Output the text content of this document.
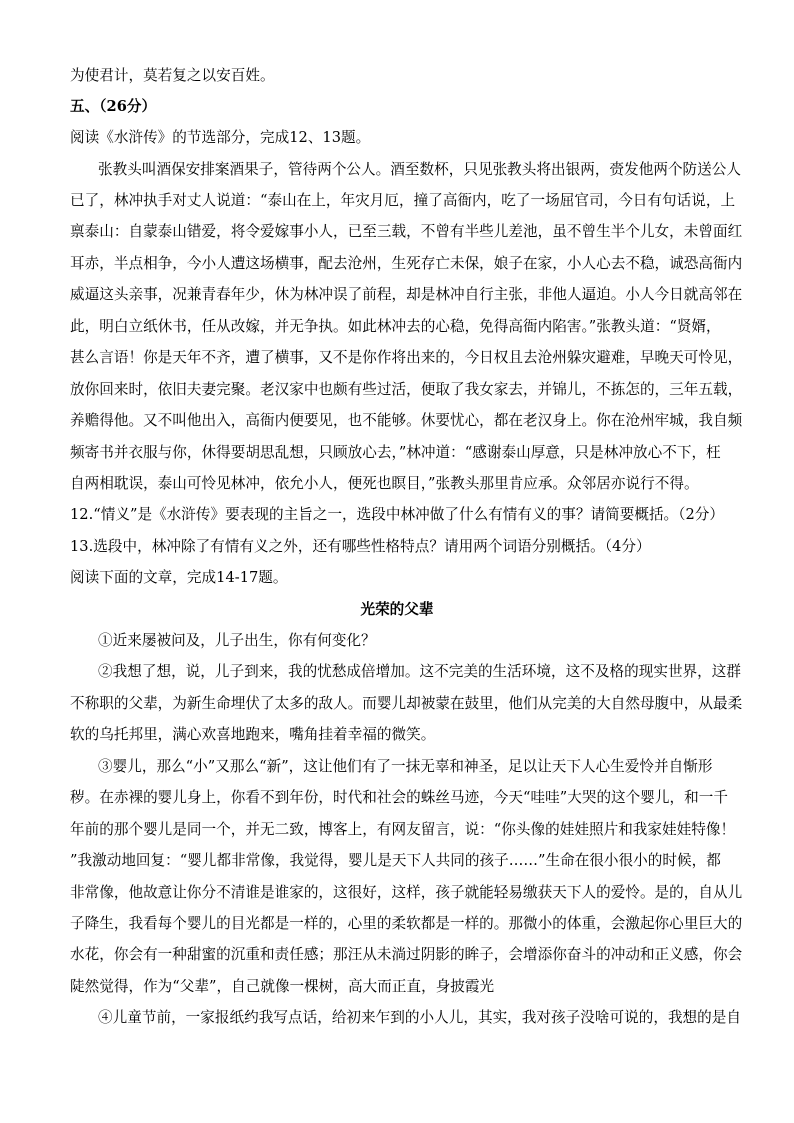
为使君计，莫若复之以安百姓。
五、（26分）
阅读《水浒传》的节选部分，完成12、13题。
张教头叫酒保安排案酒果子，管待两个公人。酒至数杯，只见张教头将出银两，赍发他两个防送公人
已了，林冲执手对丈人说道：“泰山在上，年灾月厄，撞了高衙内，吃了一场屈官司，今日有句话说，上
禀泰山：自蒙泰山错爱，将令爱嫁事小人，已至三载，不曾有半些儿差池，虽不曾生半个儿女，未曾面红
耳赤，半点相争，今小人遭这场横事，配去沧州，生死存亡未保，娘子在家，小人心去不稳，诚恐高衙内
威逼这头亲事，况兼青春年少，休为林冲误了前程，却是林冲自行主张，非他人逼迫。小人今日就高邻在
此，明白立纸休书，任从改嫁，并无争执。如此林冲去的心稳，免得高衙内陷害。”张教头道：“贤婿，
甚么言语！你是天年不齐，遭了横事，又不是你作将出来的，今日权且去沧州躲灾避难，早晚天可怜见，
放你回来时，依旧夫妻完聚。老汉家中也颇有些过活，便取了我女家去，并锦儿，不拣怎的，三年五载，
养赡得他。又不叫他出入，高衙内便要见，也不能够。休要忧心，都在老汉身上。你在沧州牢城，我自频
频寄书并衣服与你，休得要胡思乱想，只顾放心去，”林冲道：“感谢泰山厚意，只是林冲放心不下，枉
自两相耽误，泰山可怜见林冲，依允小人，便死也瞑目，”张教头那里肯应承。众邻居亦说行不得。
12.“情义”是《水浒传》要表现的主旨之一，选段中林冲做了什么有情有义的事？请简要概括。（2分）
13.选段中，林冲除了有情有义之外，还有哪些性格特点？请用两个词语分别概括。（4分）
阅读下面的文章，完成14-17题。
光荣的父辈
①近来屡被问及，儿子出生，你有何变化？
②我想了想，说，儿子到来，我的忧愁成倍增加。这不完美的生活环境，这不及格的现实世界，这群
不称职的父辈，为新生命埋伏了太多的敌人。而婴儿却被蒙在鼓里，他们从完美的大自然母腹中，从最柔
软的乌托邦里，满心欢喜地跑来，嘴角挂着幸福的微笑。
③婴儿，那么“小”又那么“新”，这让他们有了一抹无辜和神圣，足以让天下人心生爱怜并自惭形
秽。在赤裸的婴儿身上，你看不到年份，时代和社会的蛛丝马迹，今天“哇哇”大哭的这个婴儿，和一千
年前的那个婴儿是同一个，并无二致，博客上，有网友留言，说：“你头像的娃娃照片和我家娃娃特像！
”我激动地回复：“婴儿都非常像，我觉得，婴儿是天下人共同的孩子……”生命在很小很小的时候，都
非常像，他故意让你分不清谁是谁家的，这很好，这样，孩子就能轻易缴获天下人的爱怜。是的，自从儿
子降生，我看每个婴儿的目光都是一样的，心里的柔软都是一样的。那微小的体重，会激起你心里巨大的
水花，你会有一种甜蜜的沉重和责任感；那汪从未淌过阴影的眸子，会增添你奋斗的冲动和正义感，你会
陡然觉得，作为“父辈”，自己就像一棵树，高大而正直，身披霞光
④儿童节前，一家报纸约我写点话，给初来乍到的小人儿，其实，我对孩子没啥可说的，我想的是自
